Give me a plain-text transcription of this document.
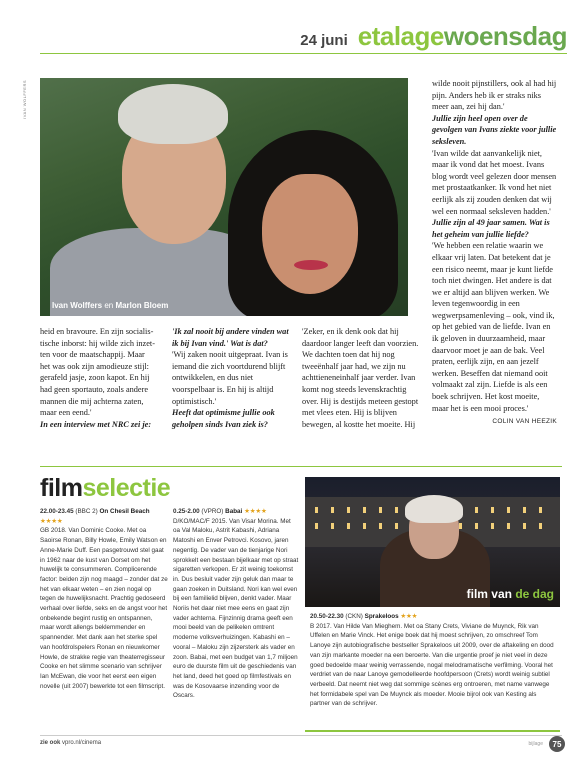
24 juni etalagewoensdag
IVAN WOLFFERS
Ivan Wolffers en Marlon Bloem

heid en bravoure. En zijn socialis-

tische inborst: hij wilde zich inzet-

ten voor de maatschappij. Maar

het was ook zijn amodieuze stijl:

gerafeld jasje, zoon kapot. En hij

had geen sportauto, zoals andere

mannen die mij achterna zaten,

maar een eend.'

In een interview met NRC zei je:

'Ik zal nooit bij andere vinden wat ik bij Ivan vind.' Wat is dat?

'Wij zaken nooit uitgepraat. Ivan is iemand die zich voortdurend blijft ontwikkelen, en dus niet voorspelbaar is. En hij is altijd optimistisch.'

Heeft dat optimisme jullie ook geholpen sinds Ivan ziek is?

'Zeker, en ik denk ook dat hij daardoor langer leeft dan voorzien. We dachten toen dat hij nog tweeënhalf jaar had, we zijn nu achttieneneinhalf jaar verder. Ivan komt nog steeds levenskrachtig over. Hij is destijds meteen gestopt met vlees eten. Hij is blijven bewegen, al kostte het moeite. Hij

wilde nooit pijnstillers, ook al had hij pijn. Anders heb ik er straks niks meer aan, zei hij dan.'

Jullie zijn heel open over de gevolgen van Ivans ziekte voor jullie seksleven.

'Ivan wilde dat aanvankelijk niet, maar ik vond dat het moest. Ivans blog wordt veel gelezen door mensen met prostaatkanker. Ik vond het niet eerlijk als zij zouden denken dat wij wel een normaal seksleven hadden.'

Jullie zijn al 49 jaar samen. Wat is het geheim van jullie liefde?

'We hebben een relatie waarin we elkaar vrij laten. Dat betekent dat je een risico neemt, maar je kunt liefde toch niet dwingen. Het andere is dat we er altijd aan blijven werken. We leven tegenwoordig in een wegwerpsamenleving – ook, vind ik, op het gebied van de liefde. Ivan en ik geloven in duurzaamheid, maar daarvoor moet je aan de bak. Veel praten, eerlijk zijn, en aan jezelf werken. Beseffen dat niemand ooit volmaakt zal zijn. Liefde is als een boek schrijven. Het kost moeite, maar het is een mooi proces.'

COLIN VAN HEEZIK

filmselectie
22.00-23.45 (BBC 2) On Chesil Beach
★★★★
GB 2018. Van Dominic Cooke. Met oa Saoirse Ronan, Billy Howle, Emily Watson en Anne-Marie Duff. Een pasgetrouwd stel gaat in 1962 naar de kust van Dorset om het huwelijk te consummeren. Complicerende factor: beiden zijn nog maagd – zonder dat ze het van elkaar weten – en zien nogal op tegen de huwelijksnacht. Prachtig gedoseerd verhaal over liefde, seks en de angst voor het onbekende begint rustig en ontspannen, maar wordt allengs beklemmender en spannender. Met dank aan het sterke spel van hoofdrolspelers Ronan en nieuwkomer Howle, de strakke regie van theaterregisseur Cooke en het slimme scenario van schrijver Ian McEwan, die voor het eerst een eigen novelle (uit 2007) bewerkte tot een filmscript.
0.25-2.00 (VPRO) Babai ★★★★
D/KO/MAC/F 2015. Van Visar Morina. Met oa Val Maloku, Astrit Kabashi, Adriana Matoshi en Enver Petrovci. Kosovo, jaren negentig. De vader van de tienjarige Nori sprokkelt een bestaan bijelkaar met op straat sigaretten verkopen. Er zit weinig toekomst in. Dus besluit vader zijn geluk dan maar te gaan zoeken in Duitsland. Nori kan wel even bij een familielid blijven, denkt vader. Maar Noriis het daar niet mee eens en gaat zijn vader achterna. Fijnzinnig drama geeft een mooi beeld van de pelikelen omtrent moderne volksverhuizingen. Kabashi en – vooral – Maloku zijn zijzersterk als vader en zoon. Babai, met een budget van 1,7 miljoen euro de duurste film uit de geschiedenis van het land, deed het goed op filmfestivals en was de Kosovaarse inzending voor de Oscars.
film van de dag
20.50-22.30 (CKN) Sprakeloos ★★★
B 2017. Van Hilde Van Mieghem. Met oa Stany Crets, Viviane de Muynck, Rik van Uffelen en Marie Vinck. Het enige boek dat hij moest schrijven, zo omschreef Tom Lanoye zijn autobiografische bestseller Sprakeloos uit 2009, over de aftakeling en dood van zijn markante moeder na een beroerte. Van die urgentie proef je niet veel in deze goed bedoelde maar weinig verrassende, nogal melodramatische verfilming. Vooral het verdriet van de naar Lanoye gemodelleerde hoofdpersoon (Crets) wordt weinig subtiel verbeeld. Dat neemt niet weg dat sommige scènes erg ontroeren, met name vanwege het formidabele spel van De Muynck als moeder. Mooie bijrol ook van Kesting als partner van de schrijver.
zie ook vpro.nl/cinema	bijlage	75
